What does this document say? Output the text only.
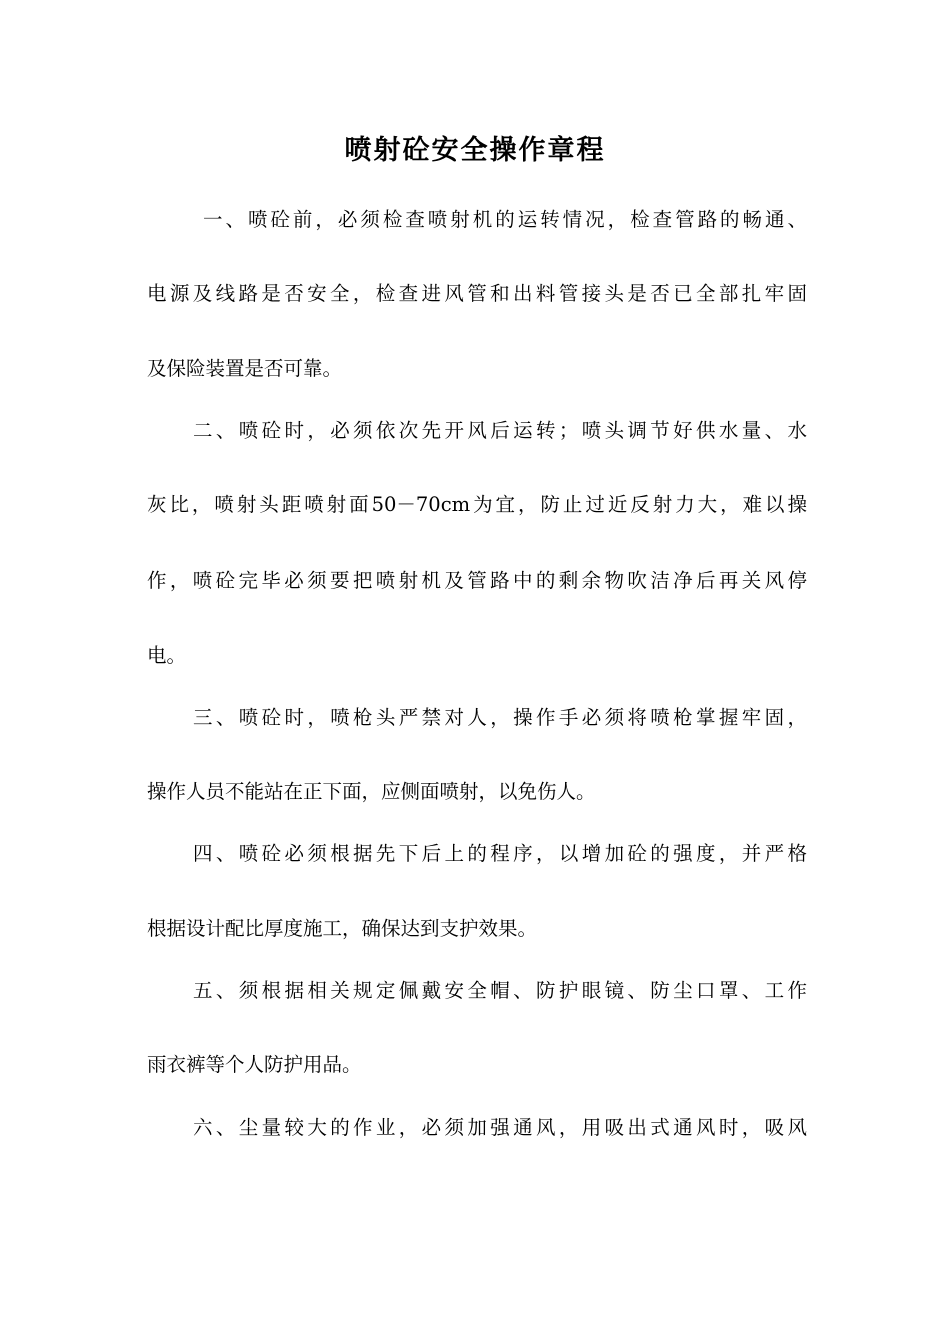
喷射砼安全操作章程

一、喷砼前，必须检查喷射机的运转情况，检查管路的畅通、

电源及线路是否安全，检查进风管和出料管接头是否已全部扎牢固

及保险装置是否可靠。

二、喷砼时，必须依次先开风后运转；喷头调节好供水量、水

灰比，喷射头距喷射面50－70cm为宜，防止过近反射力大，难以操

作，喷砼完毕必须要把喷射机及管路中的剩余物吹洁净后再关风停

电。

三、喷砼时，喷枪头严禁对人，操作手必须将喷枪掌握牢固，

操作人员不能站在正下面，应侧面喷射，以免伤人。

四、喷砼必须根据先下后上的程序，以增加砼的强度，并严格

根据设计配比厚度施工，确保达到支护效果。

五、须根据相关规定佩戴安全帽、防护眼镜、防尘口罩、工作

雨衣裤等个人防护用品。

六、尘量较大的作业，必须加强通风，用吸出式通风时，吸风
